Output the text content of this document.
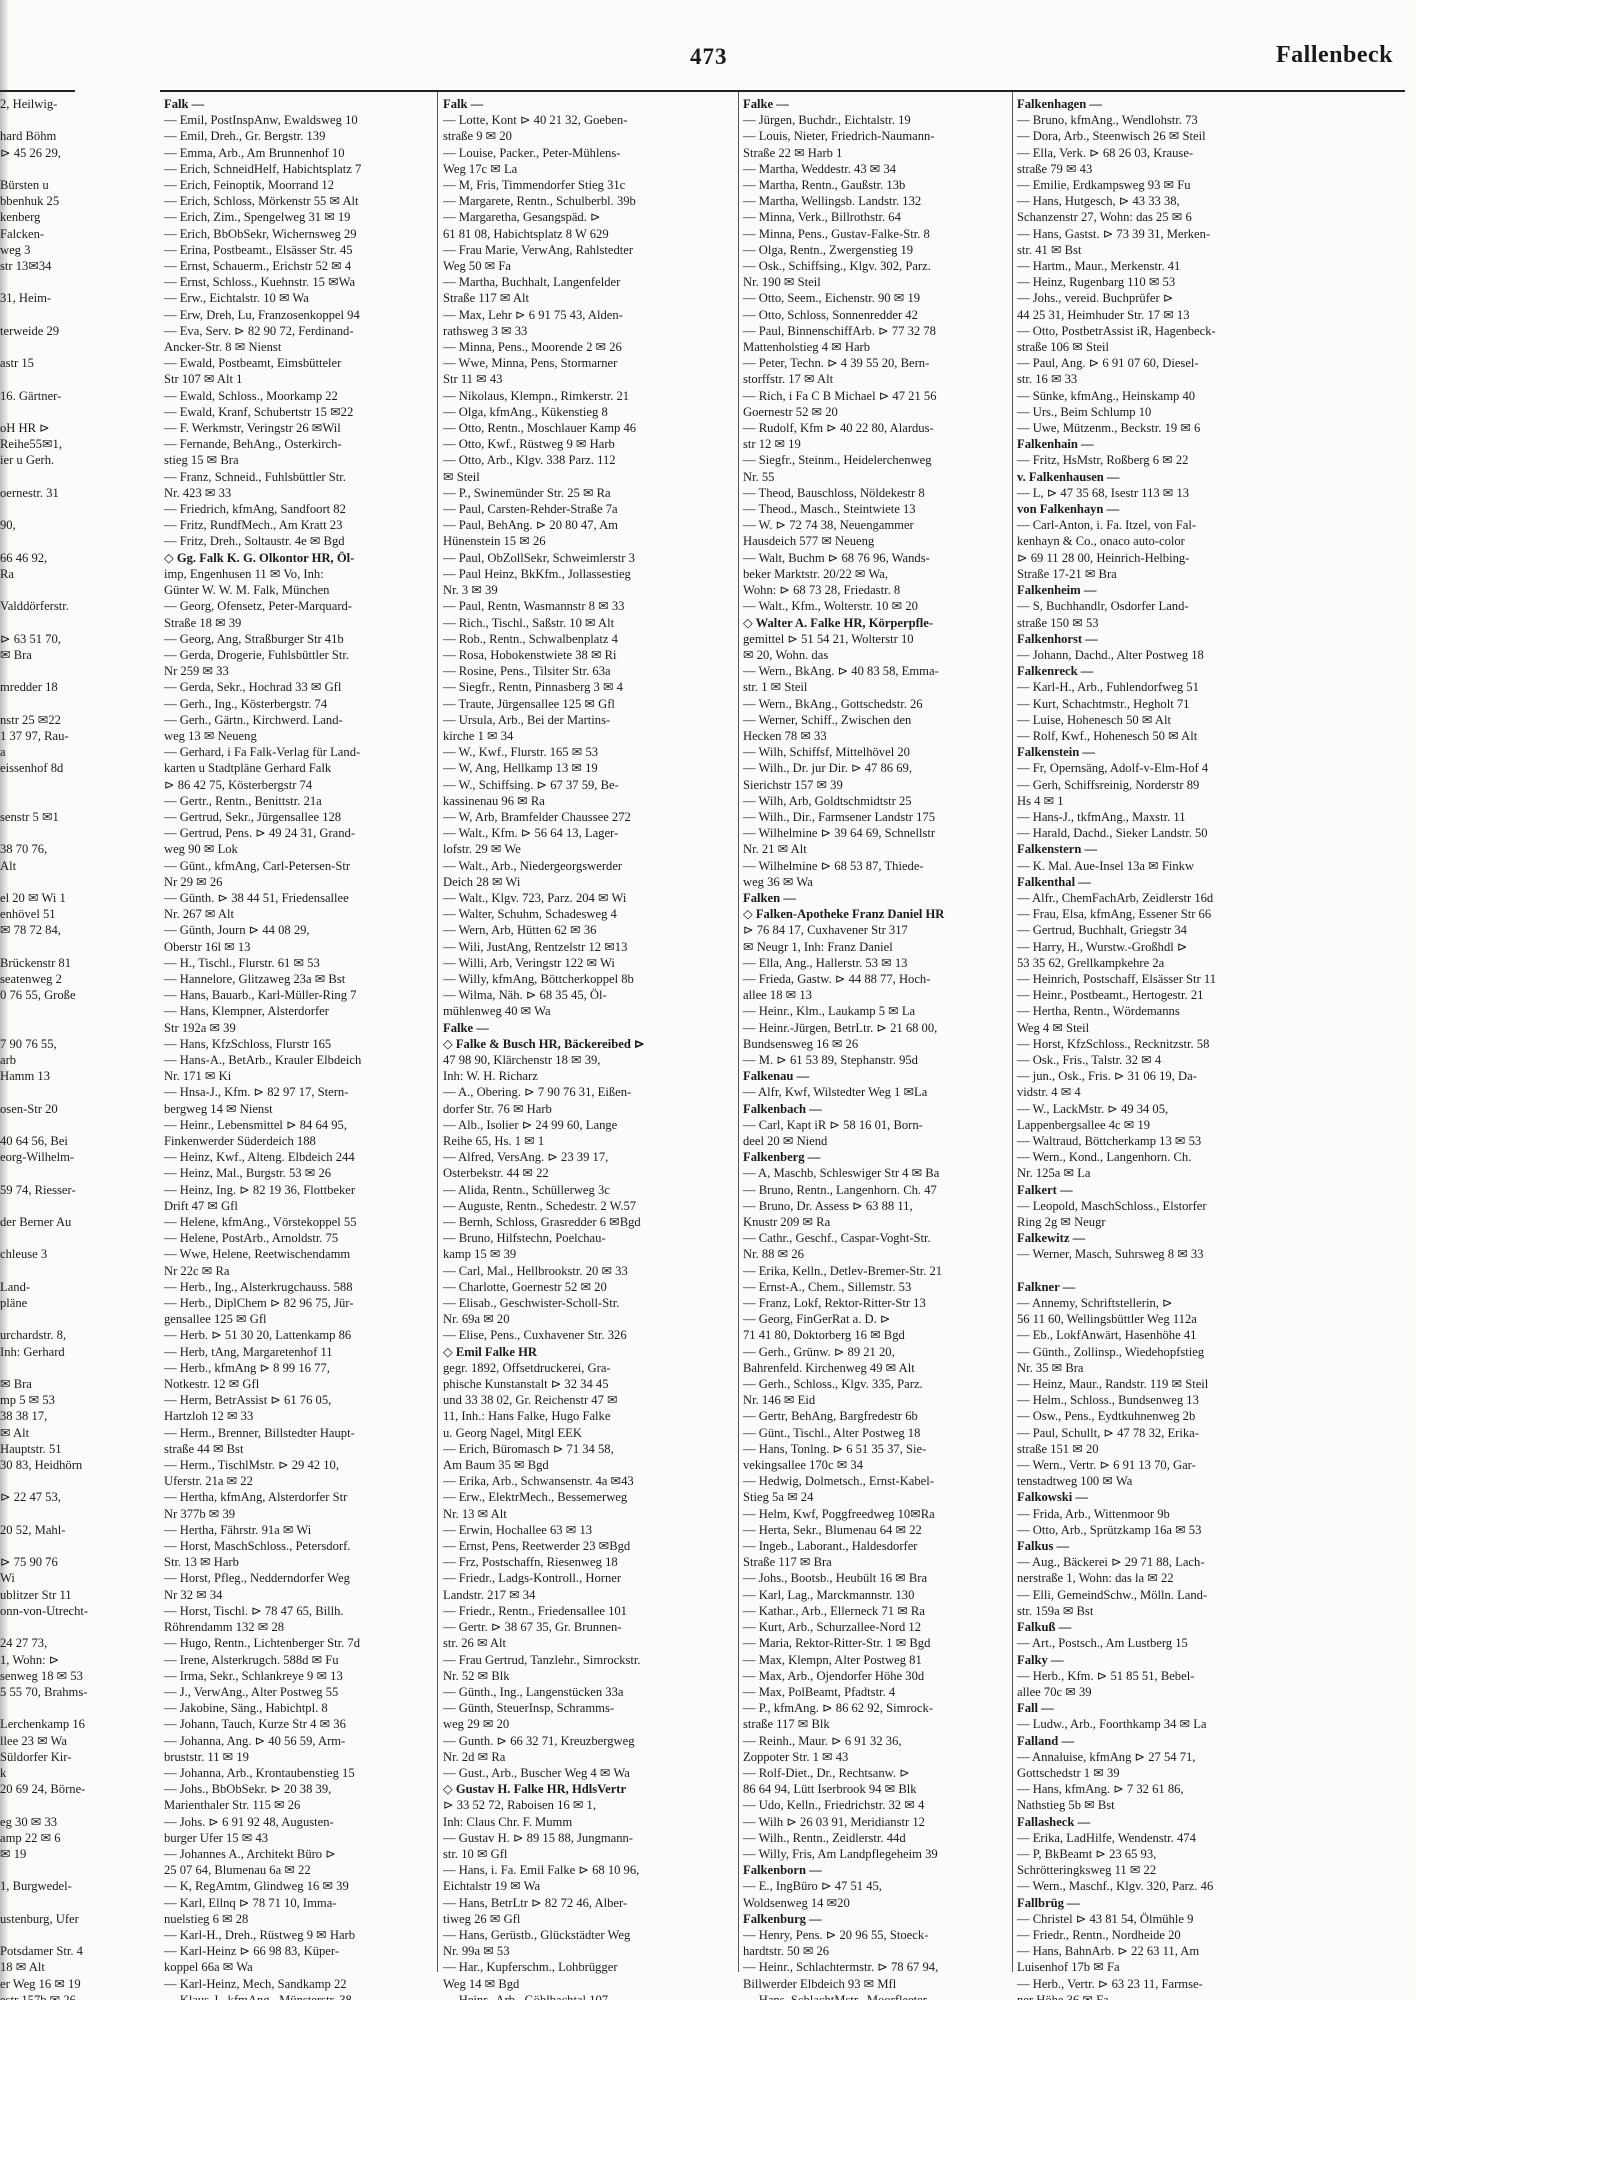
473	Fallenbeck
2, Heilwig-

hard Böhm
⊳ 45 26 29,

Bürsten u
bbenhuk 25
kenberg
Falcken-
weg 3
str 13✉34

31, Heim-

terweide 29

astr 15

16. Gärtner-

oH HR ⊳
Reihe55✉1,
ier u Gerh.

oernestr. 31

90,

66 46 92,
Ra

Valddörferstr.

⊳ 63 51 70,
✉ Bra

mredder 18

nstr 25 ✉22
1 37 97, Rau-
a
eissenhof 8d

senstr 5 ✉1

38 70 76,
Alt

el 20 ✉ Wi 1
enhövel 51
✉ 78 72 84,

Brückenstr 81
seatenweg 2
0 76 55, Große

7 90 76 55,
arb
Hamm 13

osen-Str 20

40 64 56, Bei
eorg-Wilhelm-

59 74, Riesser-

der Berner Au

chleuse 3

Land-
pläne

urchardstr. 8,
Inh: Gerhard

✉ Bra
mp 5 ✉ 53
38 38 17,
✉ Alt
Hauptstr. 51
30 83, Heidhörn

⊳ 22 47 53,

20 52, Mahl-

⊳ 75 90 76
Wi
ublitzer Str 11
onn-von-Utrecht-

24 27 73,
1, Wohn: ⊳
senweg 18 ✉ 53
5 55 70, Brahms-

Lerchenkamp 16
llee 23 ✉ Wa
Süldorfer Kir-
k
20 69 24, Börne-

eg 30 ✉ 33
amp 22 ✉ 6
✉ 19

1, Burgwedel-

ustenburg, Ufer

Potsdamer Str. 4
18 ✉ Alt
er Weg 16 ✉ 19
Falk —
— Emil, PostInspAnw, Ewaldsweg 10
— Emil, Dreh., Gr. Bergstr. 139
— Emma, Arb., Am Brunnenhof 10
— Erich, SchneidHelf, Habichtsplatz 7
— Erich, Feinoptik, Moorrand 12
— Erich, Schloss, Mörkenstr 55 ✉ Alt
— Erich, Zim., Spengelweg 31 ✉ 19
— Erich, BbObSekr, Wichernsweg 29
— Erina, Postbeamt., Elsässer Str. 45
— Ernst, Schauerm., Erichstr 52 ✉ 4
— Ernst, Schloss., Kuehnstr. 15 ✉Wa
— Erw., Eichtalstr. 10 ✉ Wa
— Erw, Dreh, Lu, Franzosenkoppel 94
— Eva, Serv. ⊳ 82 90 72, Ferdinand-
Ancker-Str. 8 ✉ Nienst
— Ewald, Postbeamt, Eimsbütteler
Str 107 ✉ Alt 1
— Ewald, Schloss., Moorkamp 22
— Ewald, Kranf, Schubertstr 15 ✉22
— F. Werkmstr, Veringstr 26 ✉Wil
— Fernande, BehAng., Osterkirch-
stieg 15 ✉ Bra
— Franz, Schneid., Fuhlsbüttler Str.
Nr. 423 ✉ 33
— Friedrich, kfmAng, Sandfoort 82
— Fritz, RundfMech., Am Kratt 23
— Fritz, Dreh., Soltaustr. 4e ✉ Bgd
◇ Gg. Falk K. G. Olkontor HR, Öl-
imp, Engenhusen 11 ✉ Vo, Inh:
Günter W. W. M. Falk, München
— Georg, Ofensetz, Peter-Marquard-
Straße 18 ✉ 39
— Georg, Ang, Straßburger Str 41b
— Gerda, Drogerie, Fuhlsbüttler Str.
Nr 259 ✉ 33
— Gerda, Sekr., Hochrad 33 ✉ Gfl
— Gerh., Ing., Kösterbergstr. 74
— Gerh., Gärtn., Kirchwerd. Land-
weg 13 ✉ Neueng
— Gerhard, i Fa Falk-Verlag für Land-
karten u Stadtpläne Gerhard Falk
⊳ 86 42 75, Kösterbergstr 74
— Gertr., Rentn., Benittstr. 21a
— Gertrud, Sekr., Jürgensallee 128
— Gertrud, Pens. ⊳ 49 24 31, Grand-
weg 90 ✉ Lok
— Günt., kfmAng, Carl-Petersen-Str
Nr 29 ✉ 26
— Günth. ⊳ 38 44 51, Friedensallee
Nr. 267 ✉ Alt
— Günth, Journ ⊳ 44 08 29,
Oberstr 16l ✉ 13
— H., Tischl., Flurstr. 61 ✉ 53
— Hannelore, Glitzaweg 23a ✉ Bst
— Hans, Bauarb., Karl-Müller-Ring 7
— Hans, Klempner, Alsterdorfer
Str 192a ✉ 39
— Hans, KfzSchloss, Flurstr 165
— Hans-A., BetArb., Krauler Elbdeich
Nr. 171 ✉ Ki
— Hnsa-J., Kfm. ⊳ 82 97 17, Stern-
bergweg 14 ✉ Nienst
— Heinr., Lebensmittel ⊳ 84 64 95,
Finkenwerder Süderdeich 188
— Heinz, Kwf., Alteng. Elbdeich 244
— Heinz, Mal., Burgstr. 53 ✉ 26
— Heinz, Ing. ⊳ 82 19 36, Flottbeker
Drift 47 ✉ Gfl
— Helene, kfmAng., Vörstekoppel 55
— Helene, PostArb., Arnoldstr. 75
— Wwe, Helene, Reetwischendamm
Nr 22c ✉ Ra
— Herb., Ing., Alsterkrugchauss. 588
— Herb., DiplChem ⊳ 82 96 75, Jür-
gensallee 125 ✉ Gfl
— Herb. ⊳ 51 30 20, Lattenkamp 86
— Herb, tAng, Margaretenhof 11
— Herb., kfmAng ⊳ 8 99 16 77,
Notkestr. 12 ✉ Gfl
— Herm, BetrAssist ⊳ 61 76 05,
Hartzloh 12 ✉ 33
— Herm., Brenner, Billstedter Haupt-
straße 44 ✉ Bst
— Herm., TischlMstr. ⊳ 29 42 10,
Uferstr. 21a ✉ 22
— Hertha, kfmAng, Alsterdorfer Str
Nr 377b ✉ 39
— Hertha, Fährstr. 91a ✉ Wi
— Horst, MaschSchloss., Petersdorf.
Str. 13 ✉ Harb
— Horst, Pfleg., Nedderndorfer Weg
Nr 32 ✉ 34
— Horst, Tischl. ⊳ 78 47 65, Billh.
Röhrendamm 132 ✉ 28
— Hugo, Rentn., Lichtenberger Str. 7d
— Irene, Alsterkrugch. 588d ✉ Fu
— Irma, Sekr., Schlankreye 9 ✉ 13
— J., VerwAng., Alter Postweg 55
— Jakobine, Säng., Habichtpl. 8
— Johann, Tauch, Kurze Str 4 ✉ 36
— Johanna, Ang. ⊳ 40 56 59, Arm-
bruststr. 11 ✉ 19
— Johanna, Arb., Krontaubenstieg 15
— Johs., BbObSekr. ⊳ 20 38 39,
Marienthaler Str. 115 ✉ 26
— Johs. ⊳ 6 91 92 48, Augusten-
burger Ufer 15 ✉ 43
— Johannes A., Architekt Büro ⊳
25 07 64, Blumenau 6a ✉ 22
— K, RegAmtm, Glindweg 16 ✉ 39
— Karl, Ellnq ⊳ 78 71 10, Imma-
nuelstieg 6 ✉ 28
— Karl-H., Dreh., Rüstweg 9 ✉ Harb
— Karl-Heinz ⊳ 66 98 83, Küper-
koppel 66a ✉ Wa
— Karl-Heinz, Mech, Sandkamp 22
Falk —
— Lotte, Kont ⊳ 40 21 32, Goeben-
straße 9 ✉ 20
— Louise, Packer., Peter-Mühlens-
Weg 17c ✉ La
— M, Fris, Timmendorfer Stieg 31c
— Margarete, Rentn., Schulberbl. 39b
— Margaretha, Gesangspäd. ⊳
61 81 08, Habichtsplatz 8 W 629
— Frau Marie, VerwAng, Rahlstedter
Weg 50 ✉ Fa
— Martha, Buchhalt, Langenfelder
Straße 117 ✉ Alt
— Max, Lehr ⊳ 6 91 75 43, Alden-
rathsweg 3 ✉ 33
— Minna, Pens., Moorende 2 ✉ 26
— Wwe, Minna, Pens, Stormarner
Str 11 ✉ 43
— Nikolaus, Klempn., Rimkerstr. 21
— Olga, kfmAng., Kükenstieg 8
— Otto, Rentn., Moschlauer Kamp 46
— Otto, Kwf., Rüstweg 9 ✉ Harb
— Otto, Arb., Klgv. 338 Parz. 112
✉ Steil
— P., Swinemünder Str. 25 ✉ Ra
— Paul, Carsten-Rehder-Straße 7a
— Paul, BehAng. ⊳ 20 80 47, Am
Hünenstein 15 ✉ 26
— Paul, ObZollSekr, Schweimlerstr 3
— Paul Heinz, BkKfm., Jollassestieg
Nr. 3 ✉ 39
— Paul, Rentn, Wasmannstr 8 ✉ 33
— Rich., Tischl., Saßstr. 10 ✉ Alt
— Rob., Rentn., Schwalbenplatz 4
— Rosa, Hobokenstwiete 38 ✉ Ri
— Rosine, Pens., Tilsiter Str. 63a
— Siegfr., Rentn, Pinnasberg 3 ✉ 4
— Traute, Jürgensallee 125 ✉ Gfl
— Ursula, Arb., Bei der Martins-
kirche 1 ✉ 34
— W., Kwf., Flurstr. 165 ✉ 53
— W, Ang, Hellkamp 13 ✉ 19
— W., Schiffsing. ⊳ 67 37 59, Be-
kassinenau 96 ✉ Ra
— W, Arb, Bramfelder Chaussee 272
— Walt., Kfm. ⊳ 56 64 13, Lager-
lofstr. 29 ✉ We
— Walt., Arb., Niedergeorgswerder
Deich 28 ✉ Wi
— Walt., Klgv. 723, Parz. 204 ✉ Wi
— Walter, Schuhm, Schadesweg 4
— Wern, Arb, Hütten 62 ✉ 36
— Wili, JustAng, Rentzelstr 12 ✉13
— Willi, Arb, Veringstr 122 ✉ Wi
— Willy, kfmAng, Böttcherkoppel 8b
— Wilma, Näh. ⊳ 68 35 45, Öl-
mühlenweg 40 ✉ Wa
Falke —
◇ Falke & Busch HR, Bäckereibed ⊳
47 98 90, Klärchenstr 18 ✉ 39,
Inh: W. H. Richarz
— A., Obering. ⊳ 7 90 76 31, Eißen-
dorfer Str. 76 ✉ Harb
— Alb., Isolier ⊳ 24 99 60, Lange
Reihe 65, Hs. 1 ✉ 1
— Alfred, VersAng. ⊳ 23 39 17,
Osterbekstr. 44 ✉ 22
— Alida, Rentn., Schüllerweg 3c
— Auguste, Rentn., Schedestr. 2 W.57
— Bernh, Schloss, Grasredder 6 ✉Bgd
— Bruno, Hilfstechn, Poelchau-
kamp 15 ✉ 39
— Carl, Mal., Hellbrookstr. 20 ✉ 33
— Charlotte, Goernestr 52 ✉ 20
— Elisab., Geschwister-Scholl-Str.
Nr. 69a ✉ 20
— Elise, Pens., Cuxhavener Str. 326
◇ Emil Falke HR
gegr. 1892, Offsetdruckerei, Gra-
phische Kunstanstalt ⊳ 32 34 45
und 33 38 02, Gr. Reichenstr 47 ✉
11, Inh.: Hans Falke, Hugo Falke
u. Georg Nagel, Mitgl EEK
— Erich, Büromasch ⊳ 71 34 58,
Am Baum 35 ✉ Bgd
— Erika, Arb., Schwansenstr. 4a ✉43
— Erw., ElektrMech., Bessemerweg
Nr. 13 ✉ Alt
— Erwin, Hochallee 63 ✉ 13
— Ernst, Pens, Reetwerder 23 ✉Bgd
— Frz, Postschaffn, Riesenweg 18
— Friedr., Ladgs-Kontroll., Horner
Landstr. 217 ✉ 34
— Friedr., Rentn., Friedensallee 101
— Gertr. ⊳ 38 67 35, Gr. Brunnen-
str. 26 ✉ Alt
— Frau Gertrud, Tanzlehr., Simrockstr.
Nr. 52 ✉ Blk
— Günth., Ing., Langenstücken 33a
— Günth, SteuerInsp, Schramms-
weg 29 ✉ 20
— Gunth. ⊳ 66 32 71, Kreuzbergweg
Nr. 2d ✉ Ra
— Gust., Arb., Buscher Weg 4 ✉ Wa
◇ Gustav H. Falke HR, HdlsVertr
⊳ 33 52 72, Raboisen 16 ✉ 1,
Inh: Claus Chr. F. Mumm
— Gustav H. ⊳ 89 15 88, Jungmann-
str. 10 ✉ Gfl
— Hans, i. Fa. Emil Falke ⊳ 68 10 96,
Eichtalstr 19 ✉ Wa
— Hans, BetrLtr ⊳ 82 72 46, Alber-
tiweg 26 ✉ Gfl
— Hans, Gerüstb., Glückstädter Weg
Nr. 99a ✉ 53
— Har., Kupferschm., Lohbrügger
Weg 14 ✉ Bgd
Falke —
— Jürgen, Buchdr., Eichtalstr. 19
— Louis, Nieter, Friedrich-Naumann-
Straße 22 ✉ Harb 1
— Martha, Weddestr. 43 ✉ 34
— Martha, Rentn., Gaußstr. 13b
— Martha, Wellingsb. Landstr. 132
— Minna, Verk., Billrothstr. 64
— Minna, Pens., Gustav-Falke-Str. 8
— Olga, Rentn., Zwergenstieg 19
— Osk., Schiffsing., Klgv. 302, Parz.
Nr. 190 ✉ Steil
— Otto, Seem., Eichenstr. 90 ✉ 19
— Otto, Schloss, Sonnenredder 42
— Paul, BinnenschiffArb. ⊳ 77 32 78
Mattenholstieg 4 ✉ Harb
— Peter, Techn. ⊳ 4 39 55 20, Bern-
storffstr. 17 ✉ Alt
— Rich, i Fa C B Michael ⊳ 47 21 56
Goernestr 52 ✉ 20
— Rudolf, Kfm ⊳ 40 22 80, Alardus-
str 12 ✉ 19
— Siegfr., Steinm., Heidelerchenweg
Nr. 55
— Theod, Bauschloss, Nöldekestr 8
— Theod., Masch., Steintwiete 13
— W. ⊳ 72 74 38, Neuengammer
Hausdeich 577 ✉ Neueng
— Walt, Buchm ⊳ 68 76 96, Wands-
beker Marktstr. 20/22 ✉ Wa,
Wohn: ⊳ 68 73 28, Friedastr. 8
— Walt., Kfm., Wolterstr. 10 ✉ 20
◇ Walter A. Falke HR, Körperpfle-
gemittel ⊳ 51 54 21, Wolterstr 10
✉ 20, Wohn. das
— Wern., BkAng. ⊳ 40 83 58, Emma-
str. 1 ✉ Steil
— Wern., BkAng., Gottschedstr. 26
— Werner, Schiff., Zwischen den
Hecken 78 ✉ 33
— Wilh, Schiffsf, Mittelhövel 20
— Wilh., Dr. jur Dir. ⊳ 47 86 69,
Sierichstr 157 ✉ 39
— Wilh, Arb, Goldtschmidtstr 25
— Wilh., Dir., Farmsener Landstr 175
— Wilhelmine ⊳ 39 64 69, Schnellstr
Nr. 21 ✉ Alt
— Wilhelmine ⊳ 68 53 87, Thiede-
weg 36 ✉ Wa
Falken —
◇ Falken-Apotheke Franz Daniel HR
⊳ 76 84 17, Cuxhavener Str 317
✉ Neugr 1, Inh: Franz Daniel
— Ella, Ang., Hallerstr. 53 ✉ 13
— Frieda, Gastw. ⊳ 44 88 77, Hoch-
allee 18 ✉ 13
— Heinr., Klm., Laukamp 5 ✉ La
— Heinr.-Jürgen, BetrLtr. ⊳ 21 68 00,
Bundsensweg 16 ✉ 26
— M. ⊳ 61 53 89, Stephanstr. 95d
Falkenau —
— Alfr, Kwf, Wilstedter Weg 1 ✉La
Falkenbach —
— Carl, Kapt iR ⊳ 58 16 01, Born-
deel 20 ✉ Niend
Falkenberg —
— A, Maschb, Schleswiger Str 4 ✉ Ba
— Bruno, Rentn., Langenhorn. Ch. 47
— Bruno, Dr. Assess ⊳ 63 88 11,
Knustr 209 ✉ Ra
— Cathr., Geschf., Caspar-Voght-Str.
Nr. 88 ✉ 26
— Erika, Kelln., Detlev-Bremer-Str. 21
— Ernst-A., Chem., Sillemstr. 53
— Franz, Lokf, Rektor-Ritter-Str 13
— Georg, FinGerRat a. D. ⊳
71 41 80, Doktorberg 16 ✉ Bgd
— Gerh., Grünw. ⊳ 89 21 20,
Bahrenfeld. Kirchenweg 49 ✉ Alt
— Gerh., Schloss., Klgv. 335, Parz.
Nr. 146 ✉ Eid
— Gertr, BehAng, Bargfredestr 6b
— Günt., Tischl., Alter Postweg 18
— Hans, Tonlng. ⊳ 6 51 35 37, Sie-
vekingsallee 170c ✉ 34
— Hedwig, Dolmetsch., Ernst-Kabel-
Stieg 5a ✉ 24
— Helm, Kwf, Poggfreedweg 10✉Ra
— Herta, Sekr., Blumenau 64 ✉ 22
— Ingeb., Laborant., Haldesdorfer
Straße 117 ✉ Bra
— Johs., Bootsb., Heubült 16 ✉ Bra
— Karl, Lag., Marckmannstr. 130
— Kathar., Arb., Ellerneck 71 ✉ Ra
— Kurt, Arb., Schurzallee-Nord 12
— Maria, Rektor-Ritter-Str. 1 ✉ Bgd
— Max, Klempn, Alter Postweg 81
— Max, Arb., Ojendorfer Höhe 30d
— Max, PolBeamt, Pfadtstr. 4
— P., kfmAng. ⊳ 86 62 92, Simrock-
straße 117 ✉ Blk
— Reinh., Maur. ⊳ 6 91 32 36,
Zoppoter Str. 1 ✉ 43
— Rolf-Diet., Dr., Rechtsanw. ⊳
86 64 94, Lütt Iserbrook 94 ✉ Blk
— Udo, Kelln., Friedrichstr. 32 ✉ 4
— Wilh ⊳ 26 03 91, Meridianstr 12
— Wilh., Rentn., Zeidlerstr. 44d
— Willy, Fris, Am Landpflegeheim 39
Falkenborn —
— E., IngBüro ⊳ 47 51 45,
Woldsenweg 14 ✉20
Falkenburg —
— Henry, Pens. ⊳ 20 96 55, Stoeck-
hardtstr. 50 ✉ 26
— Heinr., Schlachtermstr. ⊳ 78 67 94,
Billwerder Elbdeich 93 ✉ Mfl
Falkenhagen —
— Bruno, kfmAng., Wendlohstr. 73
— Dora, Arb., Steenwisch 26 ✉ Steil
— Ella, Verk. ⊳ 68 26 03, Krause-
straße 79 ✉ 43
— Emilie, Erdkampsweg 93 ✉ Fu
— Hans, Hutgesch, ⊳ 43 33 38,
Schanzenstr 27, Wohn: das 25 ✉ 6
— Hans, Gastst. ⊳ 73 39 31, Merken-
str. 41 ✉ Bst
— Hartm., Maur., Merkenstr. 41
— Heinz, Rugenbarg 110 ✉ 53
— Johs., vereid. Buchprüfer ⊳
44 25 31, Heimhuder Str. 17 ✉ 13
— Otto, PostbetrAssist iR, Hagenbeck-
straße 106 ✉ Steil
— Paul, Ang. ⊳ 6 91 07 60, Diesel-
str. 16 ✉ 33
— Sünke, kfmAng., Heinskamp 40
— Urs., Beim Schlump 10
— Uwe, Mützenm., Beckstr. 19 ✉ 6
Falkenhain —
— Fritz, HsMstr, Roßberg 6 ✉ 22
v. Falkenhausen —
— L, ⊳ 47 35 68, Isestr 113 ✉ 13
von Falkenhayn —
— Carl-Anton, i. Fa. Itzel, von Fal-
kenhayn & Co., onaco auto-color
⊳ 69 11 28 00, Heinrich-Helbing-
Straße 17-21 ✉ Bra
Falkenheim —
— S, Buchhandlr, Osdorfer Land-
straße 150 ✉ 53
Falkenhorst —
— Johann, Dachd., Alter Postweg 18
Falkenreck —
— Karl-H., Arb., Fuhlendorfweg 51
— Kurt, Schachtmstr., Hegholt 71
— Luise, Hohenesch 50 ✉ Alt
— Rolf, Kwf., Hohenesch 50 ✉ Alt
Falkenstein —
— Fr, Opernsäng, Adolf-v-Elm-Hof 4
— Gerh, Schiffsreinig, Norderstr 89
Hs 4 ✉ 1
— Hans-J., tkfmAng., Maxstr. 11
— Harald, Dachd., Sieker Landstr. 50
Falkenstern —
— K. Mal. Aue-Insel 13a ✉ Finkw
Falkenthal —
— Alfr., ChemFachArb, Zeidlerstr 16d
— Frau, Elsa, kfmAng, Essener Str 66
— Gertrud, Buchhalt, Griegstr 34
— Harry, H., Wurstw.-Großhdl ⊳
53 35 62, Grellkampkehre 2a
— Heinrich, Postschaff, Elsässer Str 11
— Heinr., Postbeamt., Hertogestr. 21
— Hertha, Rentn., Wördemanns
Weg 4 ✉ Steil
— Horst, KfzSchloss., Recknitzstr. 58
— Osk., Fris., Talstr. 32 ✉ 4
— jun., Osk., Fris. ⊳ 31 06 19, Da-
vidstr. 4 ✉ 4
— W., LackMstr. ⊳ 49 34 05,
Lappenbergsallee 4c ✉ 19
— Waltraud, Böttcherkamp 13 ✉ 53
— Wern., Kond., Langenhorn. Ch.
Nr. 125a ✉ La
Falkert —
— Leopold, MaschSchloss., Elstorfer
Ring 2g ✉ Neugr
Falkewitz —
— Werner, Masch, Suhrsweg 8 ✉ 33

Falkner —
— Annemy, Schriftstellerin, ⊳
56 11 60, Wellingsbüttler Weg 112a
— Eb., LokfAnwärt, Hasenhöhe 41
— Günth., Zollinsp., Wiedehopfstieg
Nr. 35 ✉ Bra
— Heinz, Maur., Randstr. 119 ✉ Steil
— Helm., Schloss., Bundsenweg 13
— Osw., Pens., Eydtkuhnenweg 2b
— Paul, Schullt, ⊳ 47 78 32, Erika-
straße 151 ✉ 20
— Wern., Vertr. ⊳ 6 91 13 70, Gar-
tenstadtweg 100 ✉ Wa
Falkowski —
— Frida, Arb., Wittenmoor 9b
— Otto, Arb., Sprützkamp 16a ✉ 53
Falkus —
— Aug., Bäckerei ⊳ 29 71 88, Lach-
nerstraße 1, Wohn: das la ✉ 22
— Elli, GemeindSchw., Mölln. Land-
str. 159a ✉ Bst
Falkuß —
— Art., Postsch., Am Lustberg 15
Falky —
— Herb., Kfm. ⊳ 51 85 51, Bebel-
allee 70c ✉ 39
Fall —
— Ludw., Arb., Foorthkamp 34 ✉ La
Falland —
— Annaluise, kfmAng ⊳ 27 54 71,
Gottschedstr 1 ✉ 39
— Hans, kfmAng. ⊳ 7 32 61 86,
Nathstieg 5b ✉ Bst
Fallasheck —
— Erika, LadHilfe, Wendenstr. 474
— P, BkBeamt ⊳ 23 65 93,
Schrötteringksweg 11 ✉ 22
— Wern., Maschf., Klgv. 320, Parz. 46
Fallbrüg —
— Christel ⊳ 43 81 54, Ölmühle 9
— Friedr., Rentn., Nordheide 20
— Hans, BahnArb. ⊳ 22 63 11, Am
Luisenhof 17b ✉ Fa
— Herb., Vertr. ⊳ 63 23 11, Farmse-
